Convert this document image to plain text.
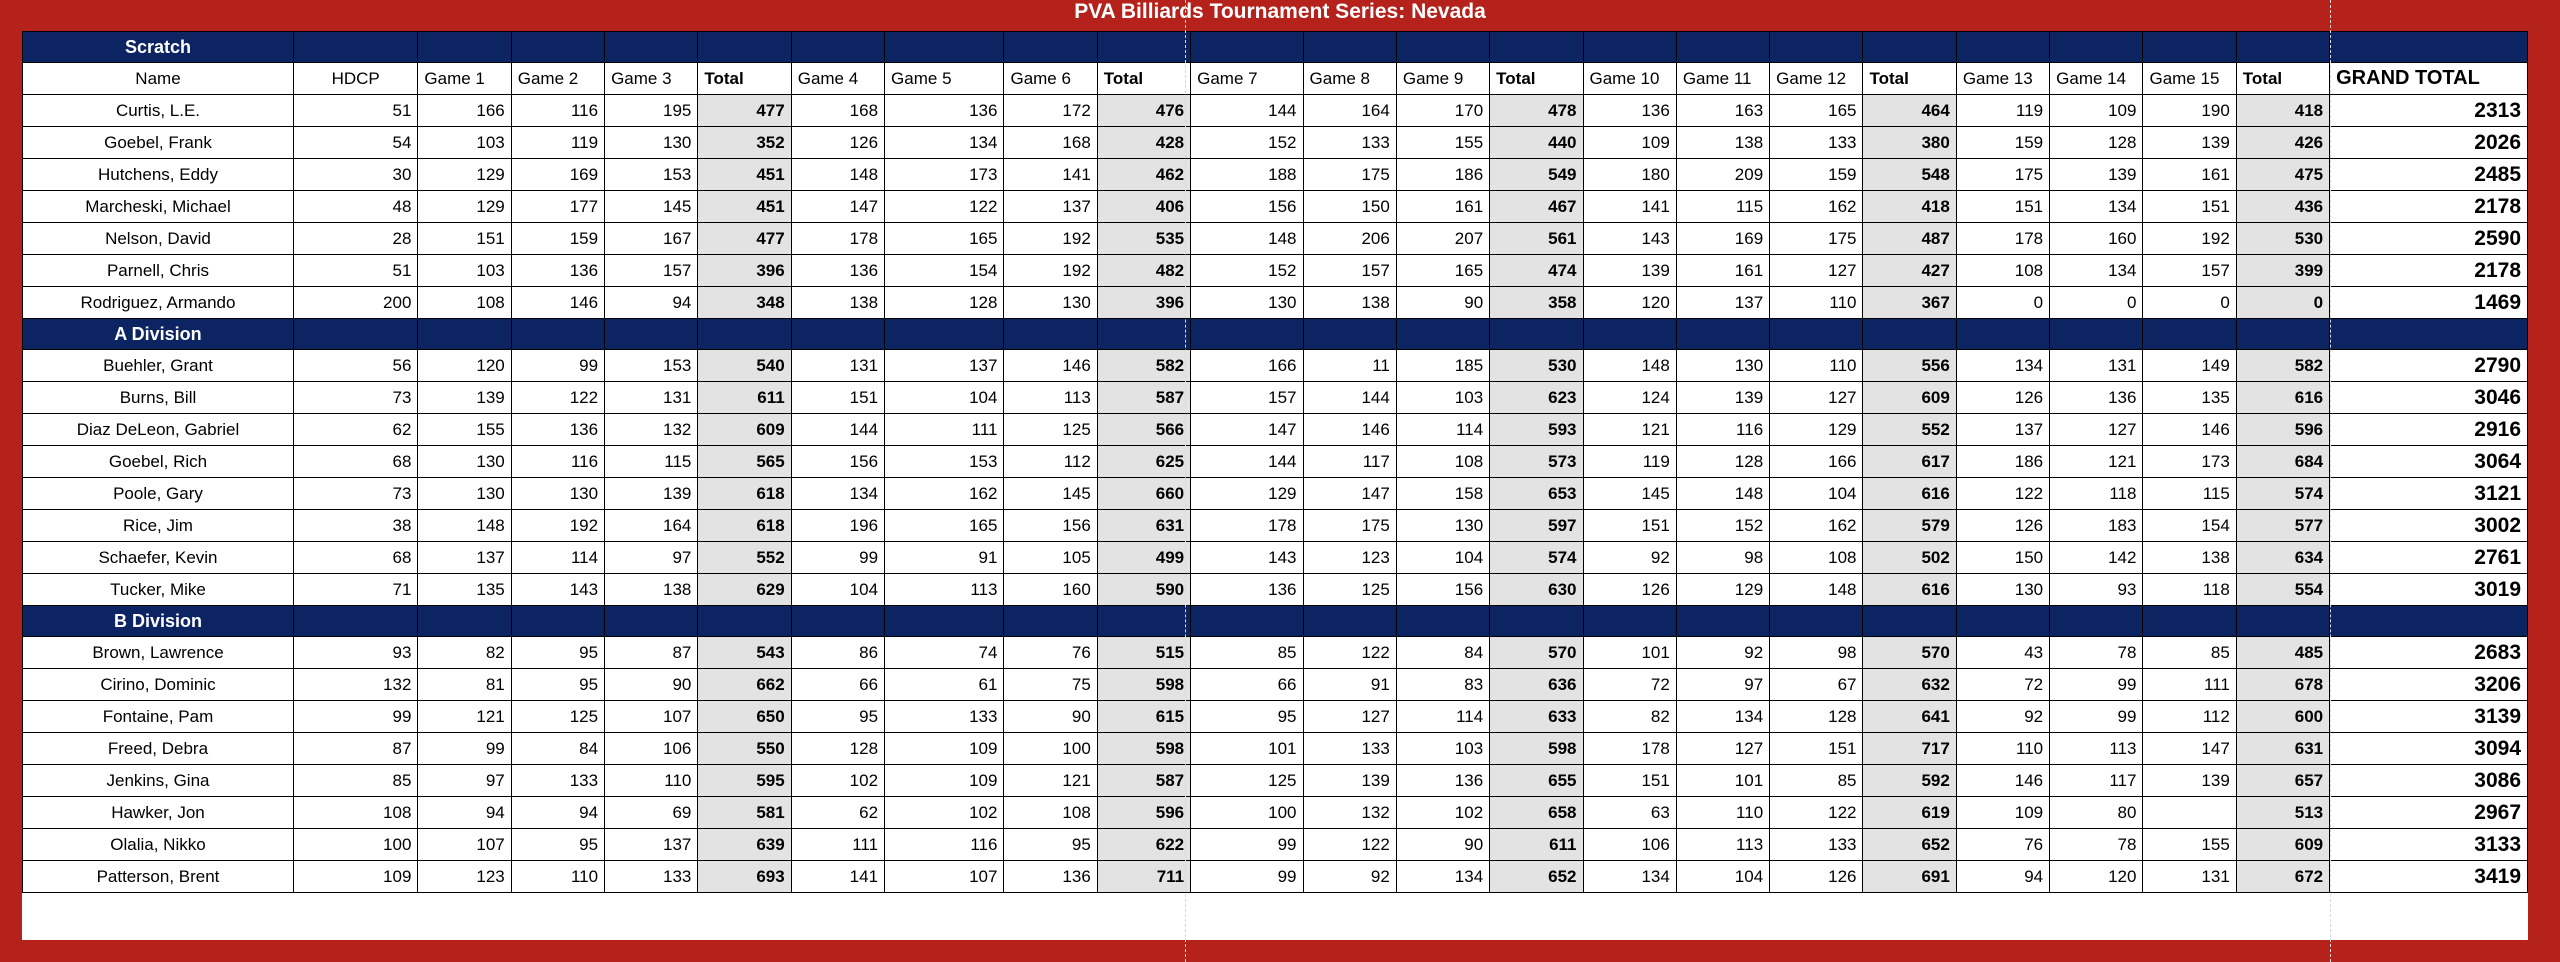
PVA Billiards Tournament Series: Nevada
Scratch																						
Name	HDCP	Game 1	Game 2	Game 3	Total	Game 4	Game 5	Game 6	Total	Game 7	Game 8	Game 9	Total	Game 10	Game 11	Game 12	Total	Game 13	Game 14	Game 15	Total	GRAND TOTAL
Curtis, L.E.	51	166	116	195	477	168	136	172	476	144	164	170	478	136	163	165	464	119	109	190	418	2313
Goebel, Frank	54	103	119	130	352	126	134	168	428	152	133	155	440	109	138	133	380	159	128	139	426	2026
Hutchens, Eddy	30	129	169	153	451	148	173	141	462	188	175	186	549	180	209	159	548	175	139	161	475	2485
Marcheski, Michael	48	129	177	145	451	147	122	137	406	156	150	161	467	141	115	162	418	151	134	151	436	2178
Nelson, David	28	151	159	167	477	178	165	192	535	148	206	207	561	143	169	175	487	178	160	192	530	2590
Parnell, Chris	51	103	136	157	396	136	154	192	482	152	157	165	474	139	161	127	427	108	134	157	399	2178
Rodriguez, Armando	200	108	146	94	348	138	128	130	396	130	138	90	358	120	137	110	367	0	0	0	0	1469
A Division																						
Buehler, Grant	56	120	99	153	540	131	137	146	582	166	11	185	530	148	130	110	556	134	131	149	582	2790
Burns, Bill	73	139	122	131	611	151	104	113	587	157	144	103	623	124	139	127	609	126	136	135	616	3046
Diaz DeLeon, Gabriel	62	155	136	132	609	144	111	125	566	147	146	114	593	121	116	129	552	137	127	146	596	2916
Goebel, Rich	68	130	116	115	565	156	153	112	625	144	117	108	573	119	128	166	617	186	121	173	684	3064
Poole, Gary	73	130	130	139	618	134	162	145	660	129	147	158	653	145	148	104	616	122	118	115	574	3121
Rice, Jim	38	148	192	164	618	196	165	156	631	178	175	130	597	151	152	162	579	126	183	154	577	3002
Schaefer, Kevin	68	137	114	97	552	99	91	105	499	143	123	104	574	92	98	108	502	150	142	138	634	2761
Tucker, Mike	71	135	143	138	629	104	113	160	590	136	125	156	630	126	129	148	616	130	93	118	554	3019
B Division																						
Brown, Lawrence	93	82	95	87	543	86	74	76	515	85	122	84	570	101	92	98	570	43	78	85	485	2683
Cirino, Dominic	132	81	95	90	662	66	61	75	598	66	91	83	636	72	97	67	632	72	99	111	678	3206
Fontaine, Pam	99	121	125	107	650	95	133	90	615	95	127	114	633	82	134	128	641	92	99	112	600	3139
Freed, Debra	87	99	84	106	550	128	109	100	598	101	133	103	598	178	127	151	717	110	113	147	631	3094
Jenkins, Gina	85	97	133	110	595	102	109	121	587	125	139	136	655	151	101	85	592	146	117	139	657	3086
Hawker, Jon	108	94	94	69	581	62	102	108	596	100	132	102	658	63	110	122	619	109	80		513	2967
Olalia, Nikko	100	107	95	137	639	111	116	95	622	99	122	90	611	106	113	133	652	76	78	155	609	3133
Patterson, Brent	109	123	110	133	693	141	107	136	711	99	92	134	652	134	104	126	691	94	120	131	672	3419
